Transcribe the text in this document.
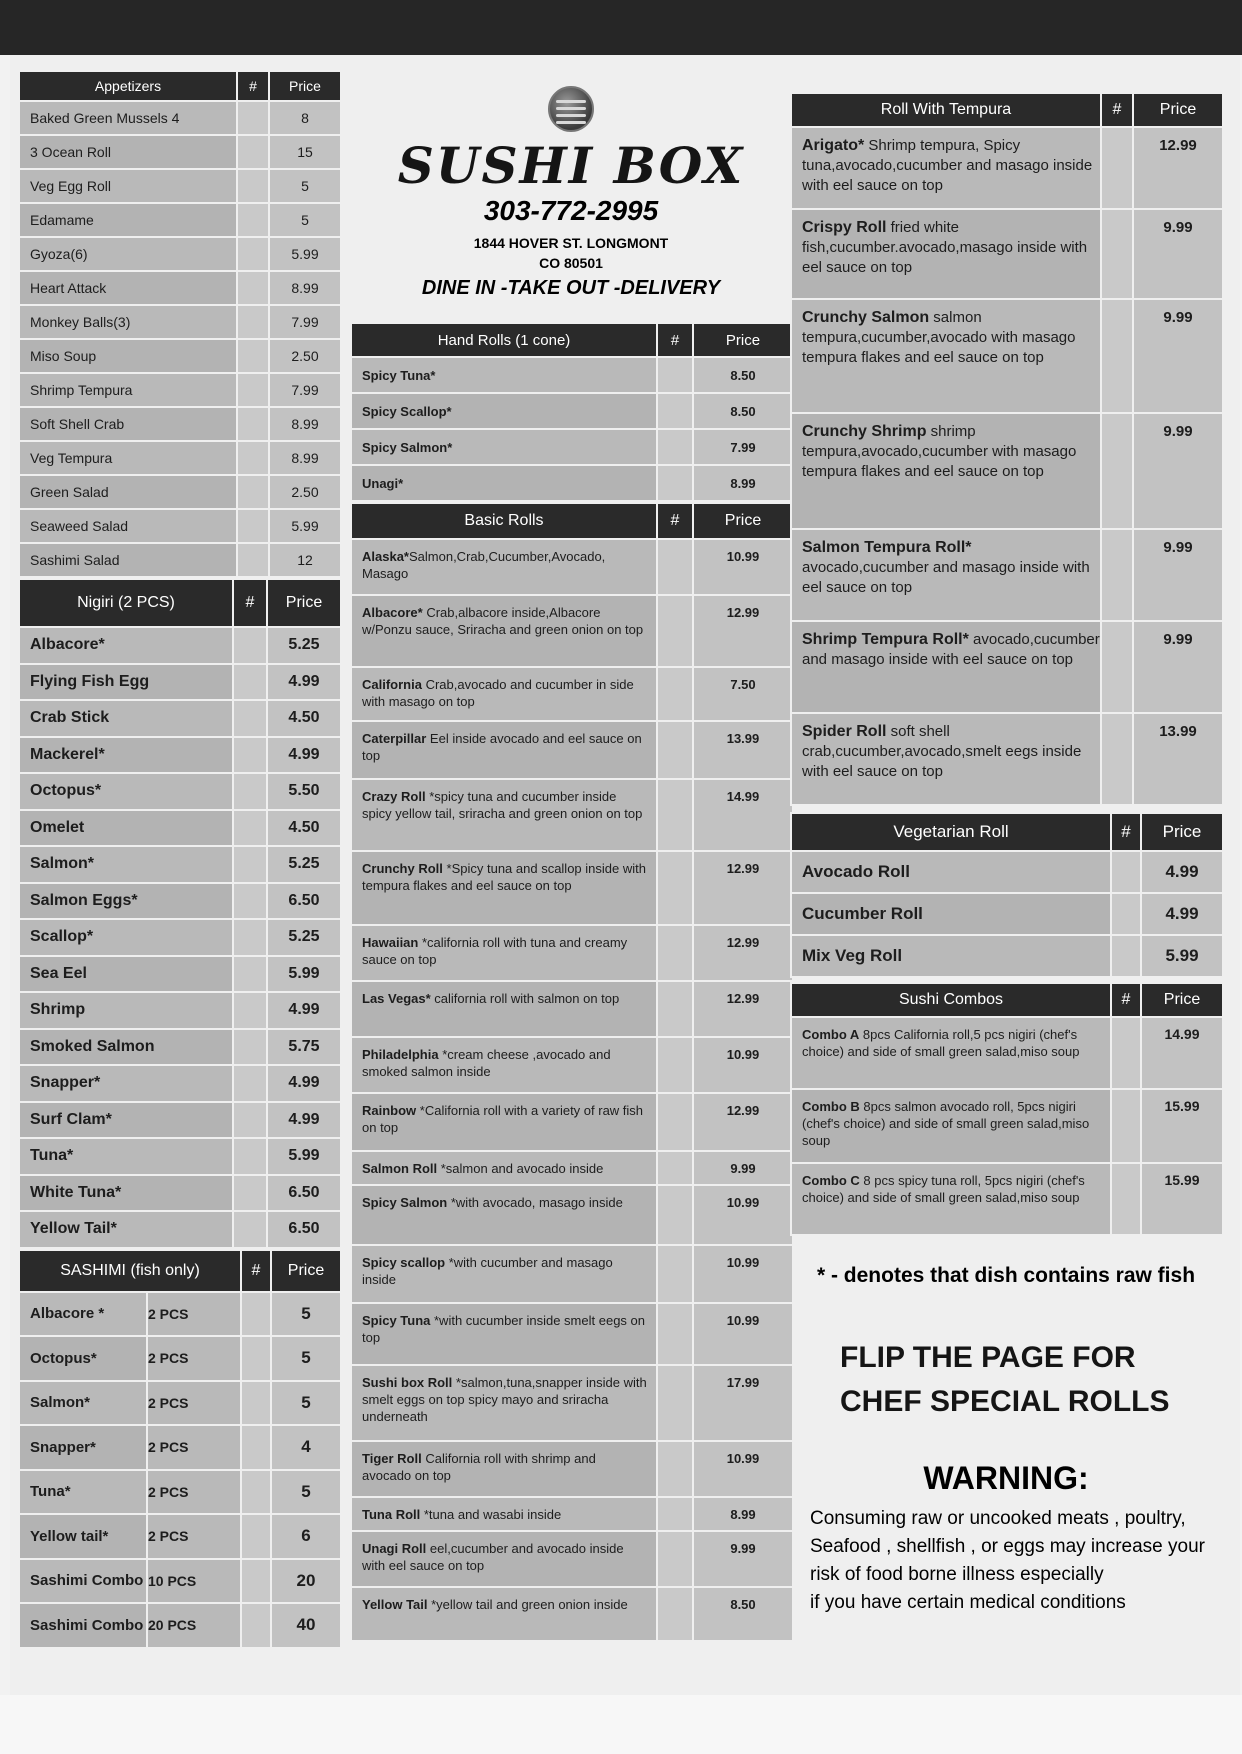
Appetizers	#	Price
Baked Green Mussels 4		8
3 Ocean Roll		15
Veg Egg Roll		5
Edamame		5
Gyoza(6)		5.99
Heart Attack		8.99
Monkey Balls(3)		7.99
Miso Soup		2.50
Shrimp Tempura		7.99
Soft Shell Crab		8.99
Veg Tempura		8.99
Green Salad		2.50
Seaweed Salad		5.99
Sashimi Salad		12
Nigiri (2 PCS)	#	Price
Albacore*		5.25
Flying Fish Egg		4.99
Crab Stick		4.50
Mackerel*		4.99
Octopus*		5.50
Omelet		4.50
Salmon*		5.25
Salmon Eggs*		6.50
Scallop*		5.25
Sea Eel		5.99
Shrimp		4.99
Smoked Salmon		5.75
Snapper*		4.99
Surf Clam*		4.99
Tuna*		5.99
White Tuna*		6.50
Yellow Tail*		6.50
SASHIMI (fish only)		#	Price
Albacore *	2 PCS		5
Octopus*	2 PCS		5
Salmon*	2 PCS		5
Snapper*	2 PCS		4
Tuna*	2 PCS		5
Yellow tail*	2 PCS		6
Sashimi Combo	10 PCS		20
Sashimi Combo	20 PCS		40
SUSHI BOX
303-772-2995
1844 HOVER ST. LONGMONT
CO 80501
DINE IN -TAKE OUT -DELIVERY
Hand Rolls (1 cone)	#	Price
Spicy Tuna*		8.50
Spicy Scallop*		8.50
Spicy Salmon*		7.99
Unagi*		8.99
Basic Rolls	#	Price
Alaska*Salmon,Crab,Cucumber,Avocado, Masago		10.99
Albacore* Crab,albacore inside,Albacore w/Ponzu sauce, Sriracha and green onion on top		12.99
California Crab,avocado and cucumber in side with masago on top		7.50
Caterpillar Eel inside avocado and eel sauce on top		13.99
Crazy Roll *spicy tuna and cucumber inside spicy yellow tail, sriracha and green onion on top		14.99
Crunchy Roll *Spicy tuna and scallop inside with tempura flakes and eel sauce on top		12.99
Hawaiian *california roll with tuna and creamy sauce on top		12.99
Las Vegas* california roll with salmon on top		12.99
Philadelphia *cream cheese ,avocado and smoked salmon inside		10.99
Rainbow *California roll with a variety of raw fish on top		12.99
Salmon Roll *salmon and avocado inside		9.99
Spicy Salmon *with avocado, masago inside		10.99
Spicy scallop *with cucumber and masago inside		10.99
Spicy Tuna *with cucumber inside smelt eegs on top		10.99
Sushi box Roll *salmon,tuna,snapper inside with smelt eggs on top spicy mayo and sriracha underneath		17.99
Tiger Roll California roll with shrimp and avocado on top		10.99
Tuna Roll *tuna and wasabi inside		8.99
Unagi Roll eel,cucumber and avocado inside with eel sauce on top		9.99
Yellow Tail *yellow tail and green onion inside		8.50
Roll With Tempura	#	Price
Arigato* Shrimp tempura, Spicy tuna,avocado,cucumber and masago inside with eel sauce on top		12.99
Crispy Roll fried white fish,cucumber.avocado,masago inside with eel sauce on top		9.99
Crunchy Salmon salmon tempura,cucumber,avocado with masago tempura flakes and eel sauce on top		9.99
Crunchy Shrimp shrimp tempura,avocado,cucumber with masago tempura flakes and eel sauce on top		9.99
Salmon Tempura Roll* avocado,cucumber and masago inside with eel sauce on top		9.99
Shrimp Tempura Roll* avocado,cucumber and masago inside with eel sauce on top		9.99
Spider Roll soft shell crab,cucumber,avocado,smelt eegs inside with eel sauce on top		13.99
Vegetarian Roll	#	Price
Avocado Roll		4.99
Cucumber Roll		4.99
Mix Veg Roll		5.99
Sushi Combos	#	Price
Combo A 8pcs California roll,5 pcs nigiri (chef's choice) and side of small green salad,miso soup		14.99
Combo B 8pcs salmon avocado roll, 5pcs nigiri (chef's choice) and side of small green salad,miso soup		15.99
Combo C 8 pcs spicy tuna roll, 5pcs nigiri (chef's choice) and side of small green salad,miso soup		15.99
* - denotes that dish contains raw fish
FLIP THE PAGE FOR
CHEF SPECIAL ROLLS
WARNING:
Consuming raw or uncooked meats , poultry,
Seafood , shellfish , or eggs may increase your
risk of food borne illness especially
if you have certain medical conditions
